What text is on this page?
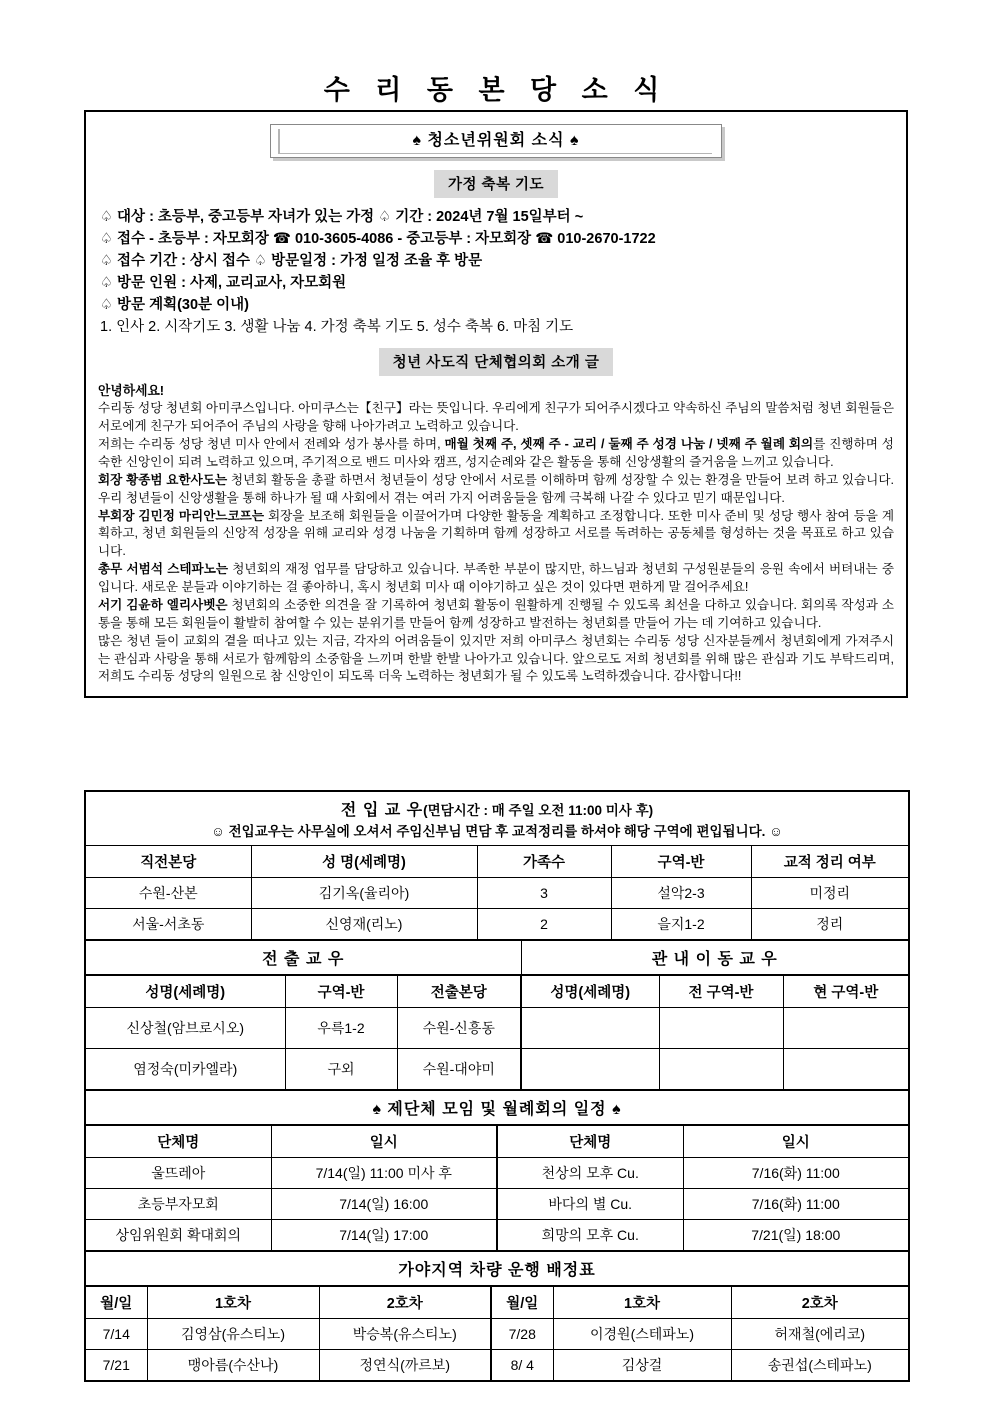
수 리 동 본 당 소 식
♠ 청소년위원회 소식 ♠
가정 축복 기도
♤ 대상 : 초등부, 중고등부 자녀가 있는 가정 ♤ 기간 : 2024년 7월 15일부터 ~
♤ 접수 - 초등부 : 자모회장 ☎ 010-3605-4086 - 중고등부 : 자모회장 ☎ 010-2670-1722
♤ 접수 기간 : 상시 접수 ♤ 방문일정 : 가정 일정 조율 후 방문
♤ 방문 인원 : 사제, 교리교사, 자모회원
♤ 방문 계획(30분 이내)
1. 인사 2. 시작기도 3. 생활 나눔 4. 가정 축복 기도 5. 성수 축복 6. 마침 기도
청년 사도직 단체협의회 소개 글

안녕하세요!

수리동 성당 청년회 아미쿠스입니다. 아미쿠스는【친구】라는 뜻입니다. 우리에게 친구가 되어주시겠다고 약속하신 주님의 말씀처럼 청년 회원들은 서로에게 친구가 되어주어 주님의 사랑을 향해 나아가려고 노력하고 있습니다.

저희는 수리동 성당 청년 미사 안에서 전례와 성가 봉사를 하며, 매월 첫째 주, 셋째 주 - 교리 / 둘째 주 성경 나눔 / 넷째 주 월례 회의를 진행하며 성숙한 신앙인이 되려 노력하고 있으며, 주기적으로 밴드 미사와 캠프, 성지순례와 같은 활동을 통해 신앙생활의 즐거움을 느끼고 있습니다.

회장 황종범 요한사도는 청년회 활동을 총괄 하면서 청년들이 성당 안에서 서로를 이해하며 함께 성장할 수 있는 환경을 만들어 보려 하고 있습니다. 우리 청년들이 신앙생활을 통해 하나가 될 때 사회에서 겪는 여러 가지 어려움들을 함께 극복해 나갈 수 있다고 믿기 때문입니다.

부회장 김민정 마리안느코프는 회장을 보조해 회원들을 이끌어가며 다양한 활동을 계획하고 조정합니다. 또한 미사 준비 및 성당 행사 참여 등을 계획하고, 청년 회원들의 신앙적 성장을 위해 교리와 성경 나눔을 기획하며 함께 성장하고 서로를 독려하는 공동체를 형성하는 것을 목표로 하고 있습니다.

총무 서범석 스테파노는 청년회의 재정 업무를 담당하고 있습니다. 부족한 부분이 많지만, 하느님과 청년회 구성원분들의 응원 속에서 버텨내는 중입니다. 새로운 분들과 이야기하는 걸 좋아하니, 혹시 청년회 미사 때 이야기하고 싶은 것이 있다면 편하게 말 걸어주세요!

서기 김윤하 엘리사벳은 청년회의 소중한 의견을 잘 기록하여 청년회 활동이 원활하게 진행될 수 있도록 최선을 다하고 있습니다. 회의록 작성과 소통을 통해 모든 회원들이 활발히 참여할 수 있는 분위기를 만들어 함께 성장하고 발전하는 청년회를 만들어 가는 데 기여하고 있습니다.

많은 청년 들이 교회의 곁을 떠나고 있는 지금, 각자의 어려움들이 있지만 저희 아미쿠스 청년회는 수리동 성당 신자분들께서 청년회에게 가져주시는 관심과 사랑을 통해 서로가 함께함의 소중함을 느끼며 한발 한발 나아가고 있습니다. 앞으로도 저희 청년회를 위해 많은 관심과 기도 부탁드리며, 저희도 수리동 성당의 일원으로 참 신앙인이 되도록 더욱 노력하는 청년회가 될 수 있도록 노력하겠습니다. 감사합니다!!

전 입 교 우(면담시간 : 매 주일 오전 11:00 미사 후)
☺ 전입교우는 사무실에 오셔서 주임신부님 면담 후 교적정리를 하셔야 해당 구역에 편입됩니다. ☺				

직전본당	성 명(세례명)	가족수	구역-반	교적 정리 여부
수원-산본	김기옥(율리아)	3	설악2-3	미정리
서울-서초동	신영재(리노)	2	을지1-2	정리
전 출 교 우			관 내 이 동 교 우		
성명(세례명)	구역-반	전출본당	성명(세례명)	전 구역-반	현 구역-반
신상철(암브로시오)	우륵1-2	수원-신흥동			
염정숙(미카엘라)	구외	수원-대야미			
♠ 제단체 모임 및 월례회의 일정 ♠			
단체명	일시	단체명	일시
울뜨레아	7/14(일) 11:00 미사 후	천상의 모후 Cu.	7/16(화) 11:00
초등부자모회	7/14(일) 16:00	바다의 별 Cu.	7/16(화) 11:00
상임위원회 확대회의	7/14(일) 17:00	희망의 모후 Cu.	7/21(일) 18:00
가야지역 차량 운행 배정표					
월/일	1호차	2호차	월/일	1호차	2호차
7/14	김영삼(유스티노)	박승복(유스티노)	7/28	이경원(스테파노)	허재철(에리코)
7/21	맹아름(수산나)	정연식(까르보)	8/ 4	김상걸	송권섭(스테파노)
